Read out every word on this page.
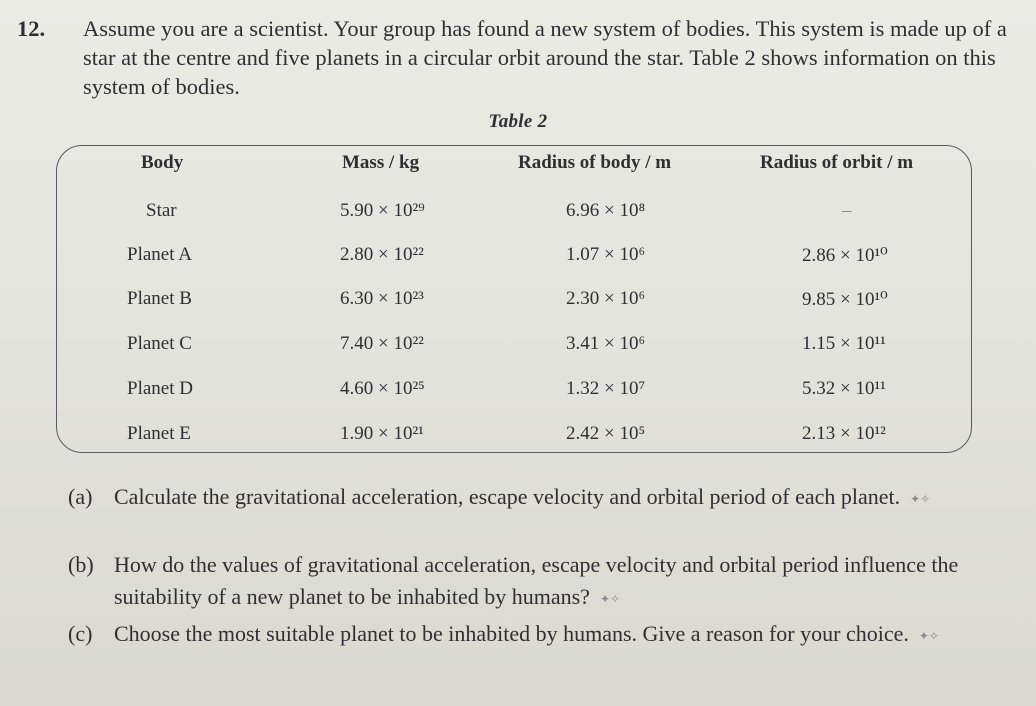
12. Assume you are a scientist. Your group has found a new system of bodies. This system is made up of a star at the centre and five planets in a circular orbit around the star. Table 2 shows information on this system of bodies.
Table 2
Body	Mass / kg	Radius of body / m	Radius of orbit / m
Star	5.90 × 10²⁹	6.96 × 10⁸	–
Planet A	2.80 × 10²²	1.07 × 10⁶	2.86 × 10¹⁰
Planet B	6.30 × 10²³	2.30 × 10⁶	9.85 × 10¹⁰
Planet C	7.40 × 10²²	3.41 × 10⁶	1.15 × 10¹¹
Planet D	4.60 × 10²⁵	1.32 × 10⁷	5.32 × 10¹¹
Planet E	1.90 × 10²¹	2.42 × 10⁵	2.13 × 10¹²
(a) Calculate the gravitational acceleration, escape velocity and orbital period of each planet. ✦✧
(b) How do the values of gravitational acceleration, escape velocity and orbital period influence the suitability of a new planet to be inhabited by humans? ✦✧
(c) Choose the most suitable planet to be inhabited by humans. Give a reason for your choice. ✦✧
